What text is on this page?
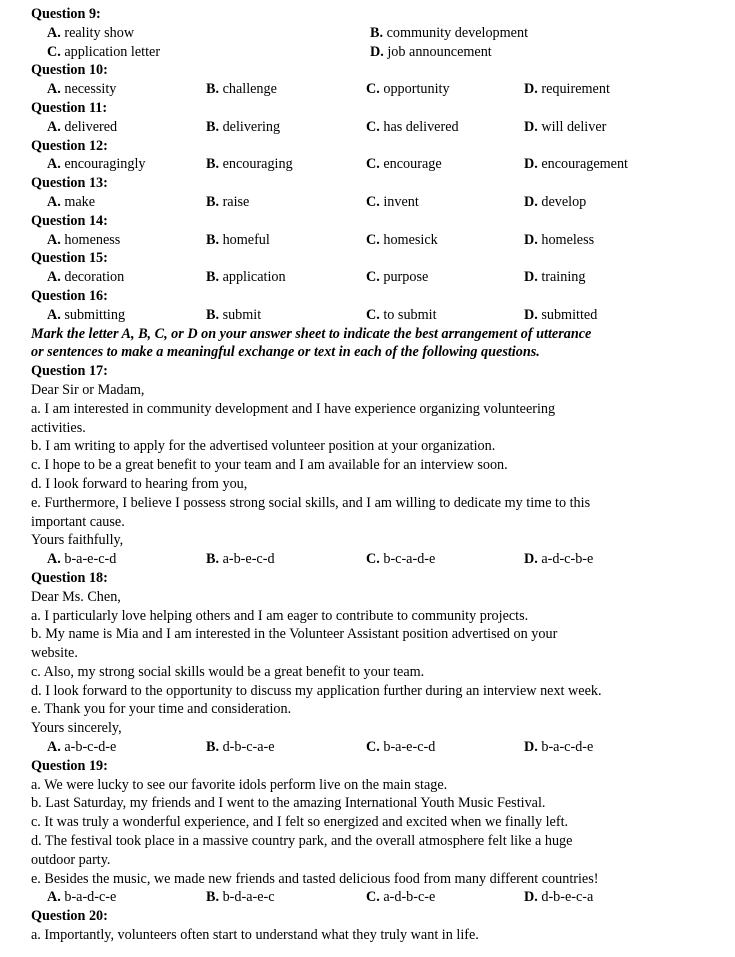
Question 9:
A. reality show	B. community development
C. application letter	D. job announcement
Question 10:
A. necessity	B. challenge	C. opportunity	D. requirement
Question 11:
A. delivered	B. delivering	C. has delivered	D. will deliver
Question 12:
A. encouragingly	B. encouraging	C. encourage	D. encouragement
Question 13:
A. make	B. raise	C. invent	D. develop
Question 14:
A. homeness	B. homeful	C. homesick	D. homeless
Question 15:
A. decoration	B. application	C. purpose	D. training
Question 16:
A. submitting	B. submit	C. to submit	D. submitted
Mark the letter A, B, C, or D on your answer sheet to indicate the best arrangement of utterance
or sentences to make a meaningful exchange or text in each of the following questions.
Question 17:
Dear Sir or Madam,
a. I am interested in community development and I have experience organizing volunteering
activities.
b. I am writing to apply for the advertised volunteer position at your organization.
c. I hope to be a great benefit to your team and I am available for an interview soon.
d. I look forward to hearing from you,
e. Furthermore, I believe I possess strong social skills, and I am willing to dedicate my time to this
important cause.
Yours faithfully,
A. b-a-e-c-d	B. a-b-e-c-d	C. b-c-a-d-e	D. a-d-c-b-e
Question 18:
Dear Ms. Chen,
a. I particularly love helping others and I am eager to contribute to community projects.
b. My name is Mia and I am interested in the Volunteer Assistant position advertised on your
website.
c. Also, my strong social skills would be a great benefit to your team.
d. I look forward to the opportunity to discuss my application further during an interview next week.
e. Thank you for your time and consideration.
Yours sincerely,
A. a-b-c-d-e	B. d-b-c-a-e	C. b-a-e-c-d	D. b-a-c-d-e
Question 19:
a. We were lucky to see our favorite idols perform live on the main stage.
b. Last Saturday, my friends and I went to the amazing International Youth Music Festival.
c. It was truly a wonderful experience, and I felt so energized and excited when we finally left.
d. The festival took place in a massive country park, and the overall atmosphere felt like a huge
outdoor party.
e. Besides the music, we made new friends and tasted delicious food from many different countries!
A. b-a-d-c-e	B. b-d-a-e-c	C. a-d-b-c-e	D. d-b-e-c-a
Question 20:
a. Importantly, volunteers often start to understand what they truly want in life.
